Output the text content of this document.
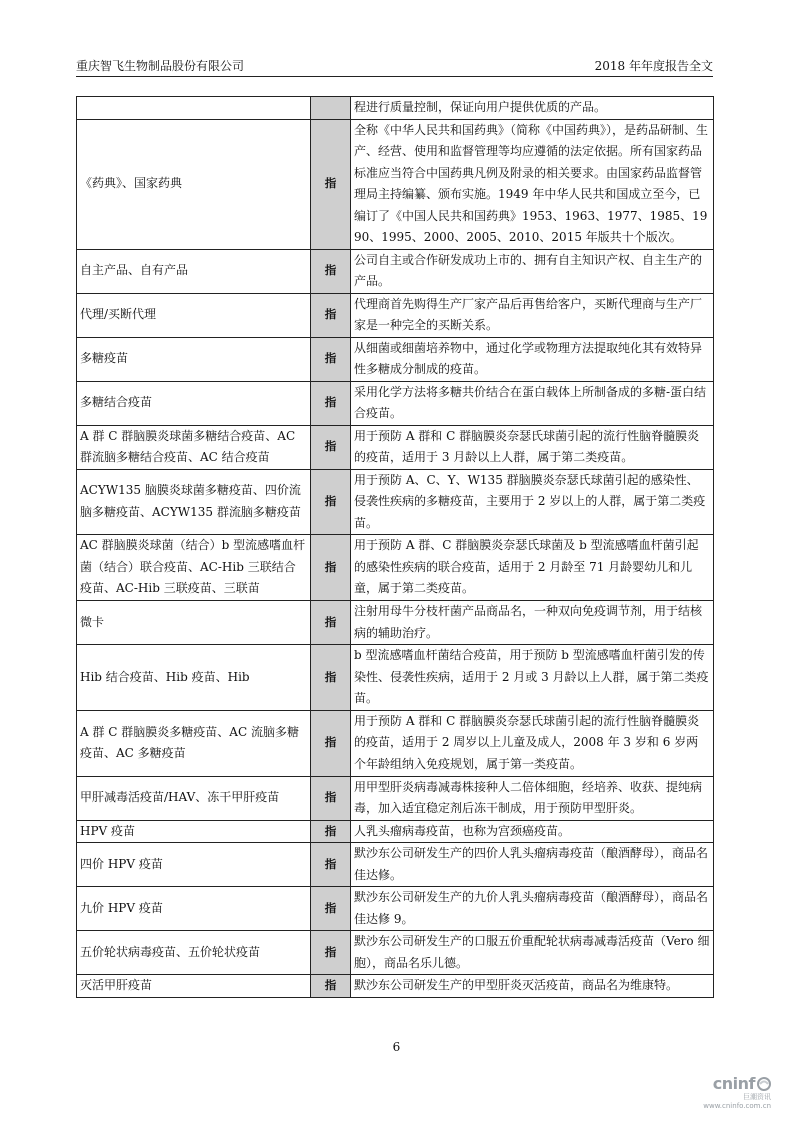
重庆智飞生物制品股份有限公司	2018 年年度报告全文
		程进行质量控制，保证向用户提供优质的产品。
《药典》、国家药典	指	全称《中华人民共和国药典》（简称《中国药典》），是药品研制、生产、经营、使用和监督管理等均应遵循的法定依据。所有国家药品标准应当符合中国药典凡例及附录的相关要求。由国家药品监督管理局主持编纂、颁布实施。1949 年中华人民共和国成立至今，已编订了《中国人民共和国药典》1953、1963、1977、1985、1990、1995、2000、2005、2010、2015 年版共十个版次。
自主产品、自有产品	指	公司自主或合作研发成功上市的、拥有自主知识产权、自主生产的产品。
代理/买断代理	指	代理商首先购得生产厂家产品后再售给客户，买断代理商与生产厂家是一种完全的买断关系。
多糖疫苗	指	从细菌或细菌培养物中，通过化学或物理方法提取纯化其有效特异性多糖成分制成的疫苗。
多糖结合疫苗	指	采用化学方法将多糖共价结合在蛋白载体上所制备成的多糖-蛋白结合疫苗。
A 群 C 群脑膜炎球菌多糖结合疫苗、AC 群流脑多糖结合疫苗、AC 结合疫苗	指	用于预防 A 群和 C 群脑膜炎奈瑟氏球菌引起的流行性脑脊髓膜炎的疫苗，适用于 3 月龄以上人群，属于第二类疫苗。
ACYW135 脑膜炎球菌多糖疫苗、四价流脑多糖疫苗、ACYW135 群流脑多糖疫苗	指	用于预防 A、C、Y、W135 群脑膜炎奈瑟氏球菌引起的感染性、侵袭性疾病的多糖疫苗，主要用于 2 岁以上的人群，属于第二类疫苗。
AC 群脑膜炎球菌（结合）b 型流感嗜血杆菌（结合）联合疫苗、AC-Hib 三联结合疫苗、AC-Hib 三联疫苗、三联苗	指	用于预防 A 群、C 群脑膜炎奈瑟氏球菌及 b 型流感嗜血杆菌引起的感染性疾病的联合疫苗，适用于 2 月龄至 71 月龄婴幼儿和儿童，属于第二类疫苗。
微卡	指	注射用母牛分枝杆菌产品商品名，一种双向免疫调节剂，用于结核病的辅助治疗。
Hib 结合疫苗、Hib 疫苗、Hib	指	b 型流感嗜血杆菌结合疫苗，用于预防 b 型流感嗜血杆菌引发的传染性、侵袭性疾病，适用于 2 月或 3 月龄以上人群，属于第二类疫苗。
A 群 C 群脑膜炎多糖疫苗、AC 流脑多糖疫苗、AC 多糖疫苗	指	用于预防 A 群和 C 群脑膜炎奈瑟氏球菌引起的流行性脑脊髓膜炎的疫苗，适用于 2 周岁以上儿童及成人，2008 年 3 岁和 6 岁两个年龄组纳入免疫规划，属于第一类疫苗。
甲肝减毒活疫苗/HAV、冻干甲肝疫苗	指	用甲型肝炎病毒减毒株接种人二倍体细胞，经培养、收获、提纯病毒，加入适宜稳定剂后冻干制成，用于预防甲型肝炎。
HPV 疫苗	指	人乳头瘤病毒疫苗，也称为宫颈癌疫苗。
四价 HPV 疫苗	指	默沙东公司研发生产的四价人乳头瘤病毒疫苗（酿酒酵母），商品名佳达修。
九价 HPV 疫苗	指	默沙东公司研发生产的九价人乳头瘤病毒疫苗（酿酒酵母），商品名佳达修 9。
五价轮状病毒疫苗、五价轮状疫苗	指	默沙东公司研发生产的口服五价重配轮状病毒减毒活疫苗（Vero 细胞），商品名乐儿德。
灭活甲肝疫苗	指	默沙东公司研发生产的甲型肝炎灭活疫苗，商品名为维康特。
6
cninf
巨潮资讯
www.cninfo.com.cn
